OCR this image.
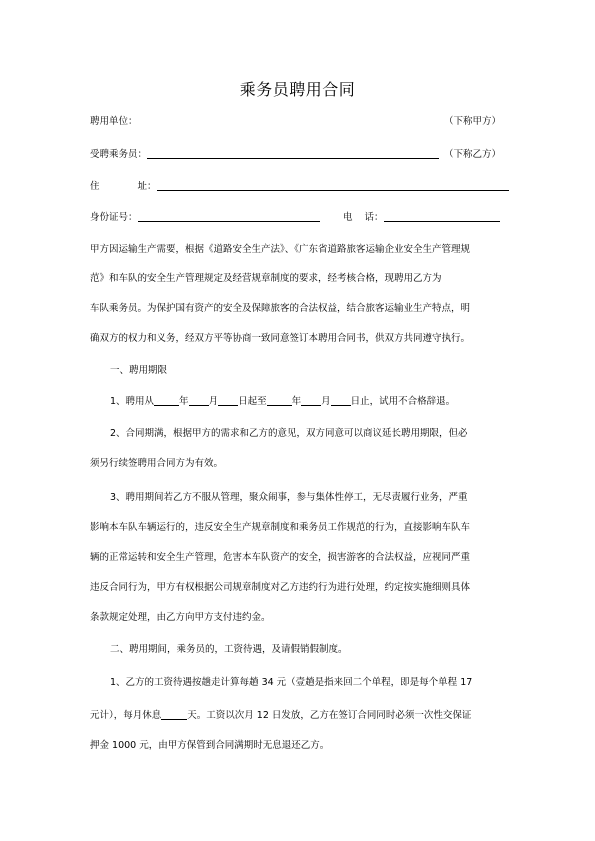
乘务员聘用合同
聘用单位：	（下称甲方）
受聘乘务员：	（下称乙方）
住	址：
身份证号：	电 话：
甲方因运输生产需要，根据《道路安全生产法》、《广东省道路旅客运输企业安全生产管理规
范》和车队的安全生产管理规定及经营规章制度的要求，经考核合格，现聘用乙方为
车队乘务员。为保护国有资产的安全及保障旅客的合法权益，结合旅客运输业生产特点，明
确双方的权力和义务，经双方平等协商一致同意签订本聘用合同书，供双方共同遵守执行。
一、聘用期限
1、聘用从	年 月 日起至	年 月 日止，试用不合格辞退。
2、合同期满，根据甲方的需求和乙方的意见，双方同意可以商议延长聘用期限，但必
须另行续签聘用合同方为有效。
3、聘用期间若乙方不服从管理，聚众闹事，参与集体性停工，无尽责履行业务，严重
影响本车队车辆运行的，违反安全生产规章制度和乘务员工作规范的行为，直接影响车队车
辆的正常运转和安全生产管理，危害本车队资产的安全，损害游客的合法权益，应视同严重
违反合同行为，甲方有权根据公司规章制度对乙方违约行为进行处理，约定按实施细则具体
条款规定处理，由乙方向甲方支付违约金。
二、聘用期间，乘务员的，工资待遇，及请假销假制度。
1、乙方的工资待遇按趟走计算每趟 34 元（壹趟是指来回二个单程，即是每个单程 17
元计），每月休息	天。工资以次月 12 日发放，乙方在签订合同同时必须一次性交保证
押金 1000 元，由甲方保管到合同满期时无息退还乙方。
